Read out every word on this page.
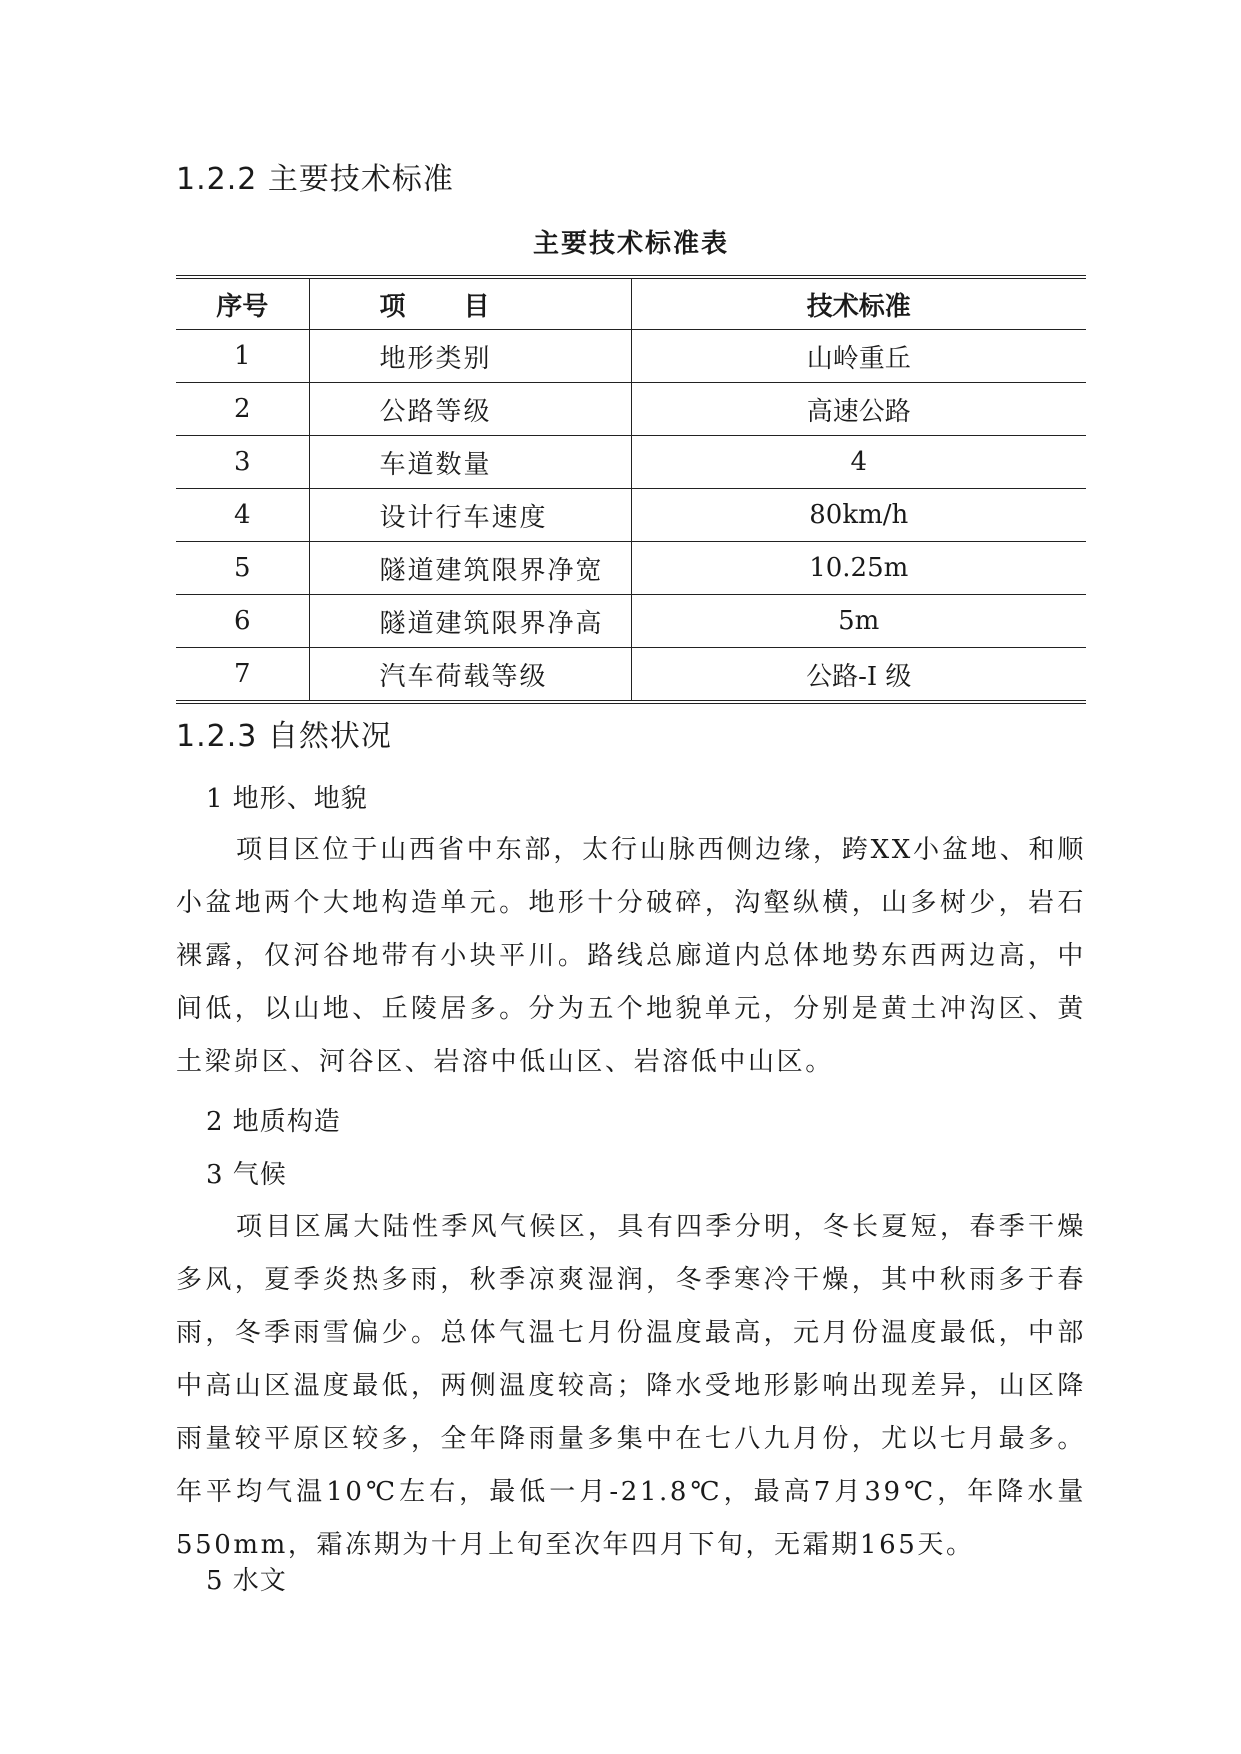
1.2.2 主要技术标准
主要技术标准表
序号	项　　目	技术标准
1	地形类别	山岭重丘
2	公路等级	高速公路
3	车道数量	4
4	设计行车速度	80km/h
5	隧道建筑限界净宽	10.25m
6	隧道建筑限界净高	5m
7	汽车荷载等级	公路-I 级
1.2.3 自然状况
1 地形、地貌
项目区位于山西省中东部，太行山脉西侧边缘，跨XX小盆地、和顺小盆地两个大地构造单元。地形十分破碎，沟壑纵横，山多树少，岩石裸露，仅河谷地带有小块平川。路线总廊道内总体地势东西两边高，中间低，以山地、丘陵居多。分为五个地貌单元，分别是黄土冲沟区、黄土梁峁区、河谷区、岩溶中低山区、岩溶低中山区。
2 地质构造
3 气候
项目区属大陆性季风气候区，具有四季分明，冬长夏短，春季干燥多风，夏季炎热多雨，秋季凉爽湿润，冬季寒冷干燥，其中秋雨多于春雨，冬季雨雪偏少。总体气温七月份温度最高，元月份温度最低，中部中高山区温度最低，两侧温度较高；降水受地形影响出现差异，山区降雨量较平原区较多，全年降雨量多集中在七八九月份，尤以七月最多。年平均气温10℃左右，最低一月-21.8℃，最高7月39℃，年降水量550mm，霜冻期为十月上旬至次年四月下旬，无霜期165天。
5 水文
